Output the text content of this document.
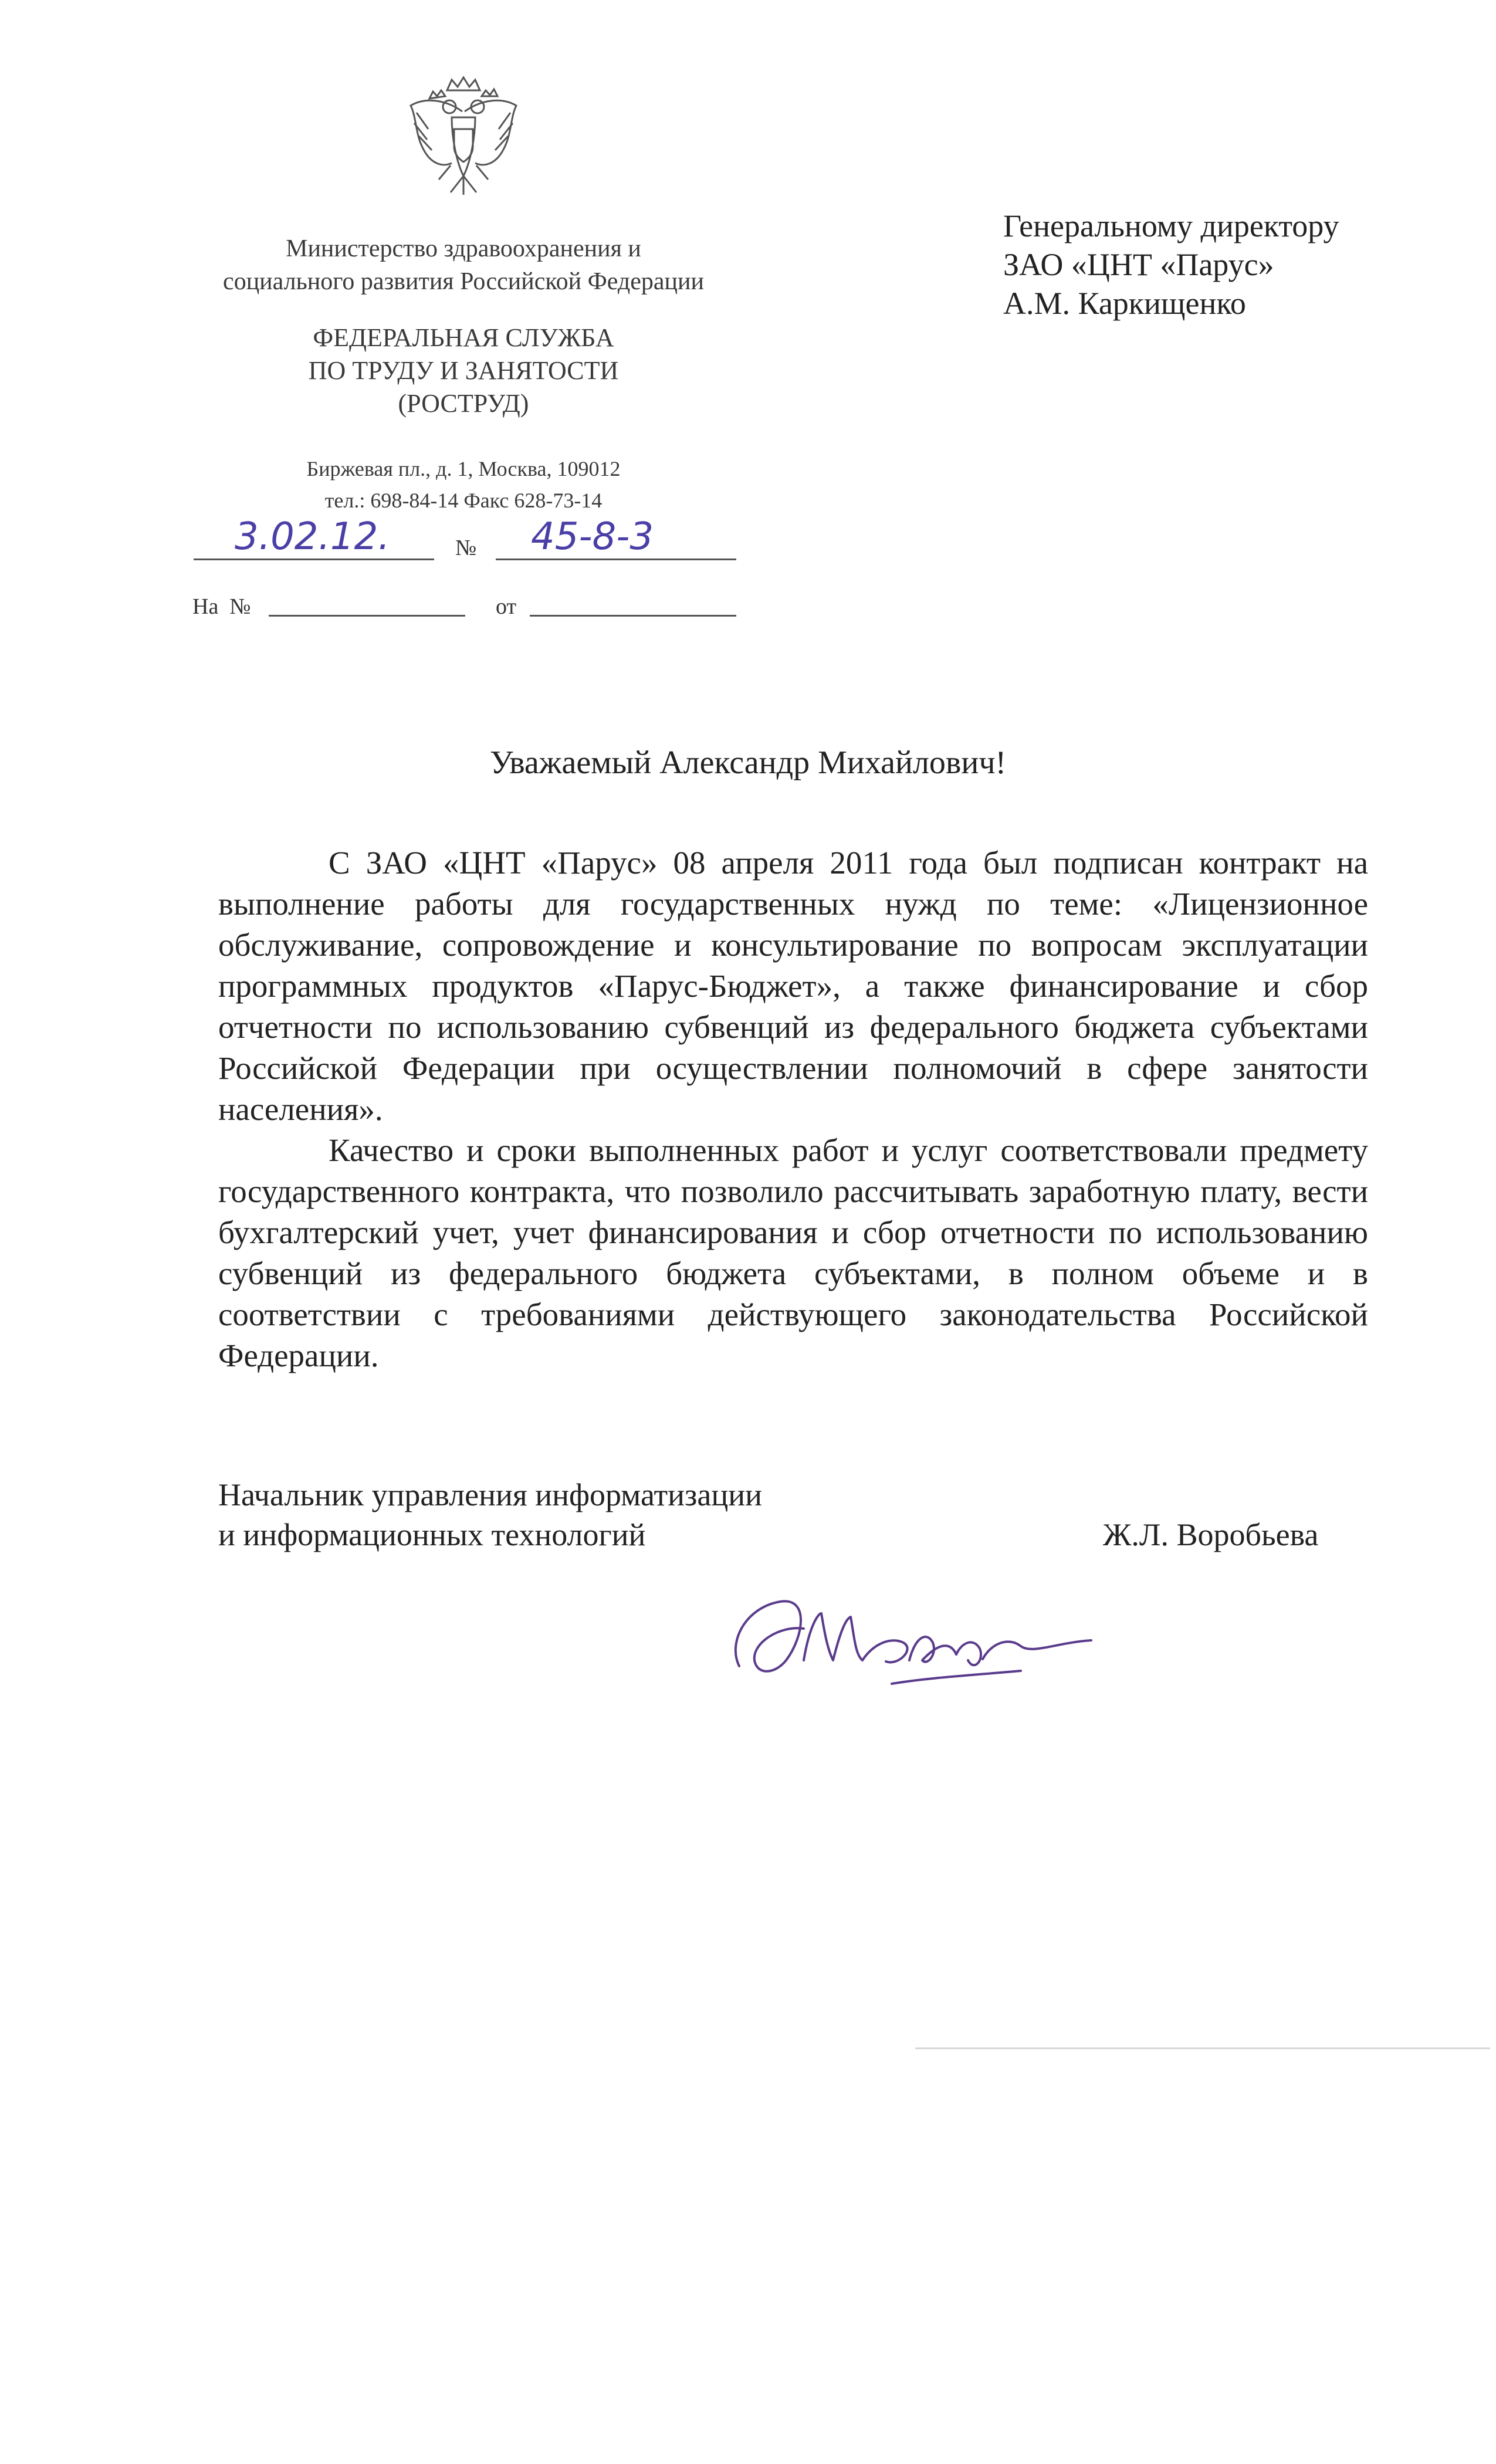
Министерство здравоохранения и
социального развития Российской Федерации
ФЕДЕРАЛЬНАЯ СЛУЖБА
ПО ТРУДУ И ЗАНЯТОСТИ
(РОСТРУД)
Биржевая пл., д. 1, Москва, 109012
тел.: 698-84-14 Факс 628-73-14
3.02.12.	№ 45-8-3
На  №	от
Генеральному директору
ЗАО «ЦНТ «Парус»
А.М. Каркищенко
Уважаемый Александр Михайлович!

С ЗАО «ЦНТ «Парус» 08 апреля 2011 года был подписан контракт на выполнение работы для государственных нужд по теме: «Лицензионное обслуживание, сопровождение и консультирование по вопросам эксплуатации программных продуктов «Парус-Бюджет», а также финансирование и сбор отчетности по использованию субвенций из федерального бюджета субъектами Российской Федерации при осуществлении полномочий в сфере занятости населения».

Качество и сроки выполненных работ и услуг соответствовали предмету государственного контракта, что позволило рассчитывать заработную плату, вести бухгалтерский учет, учет финансирования и сбор отчетности по использованию субвенций из федерального бюджета субъектами, в полном объеме и в соответствии с требованиями действующего законодательства Российской Федерации.

Начальник управления информатизации
и информационных технологий	Ж.Л. Воробьева
